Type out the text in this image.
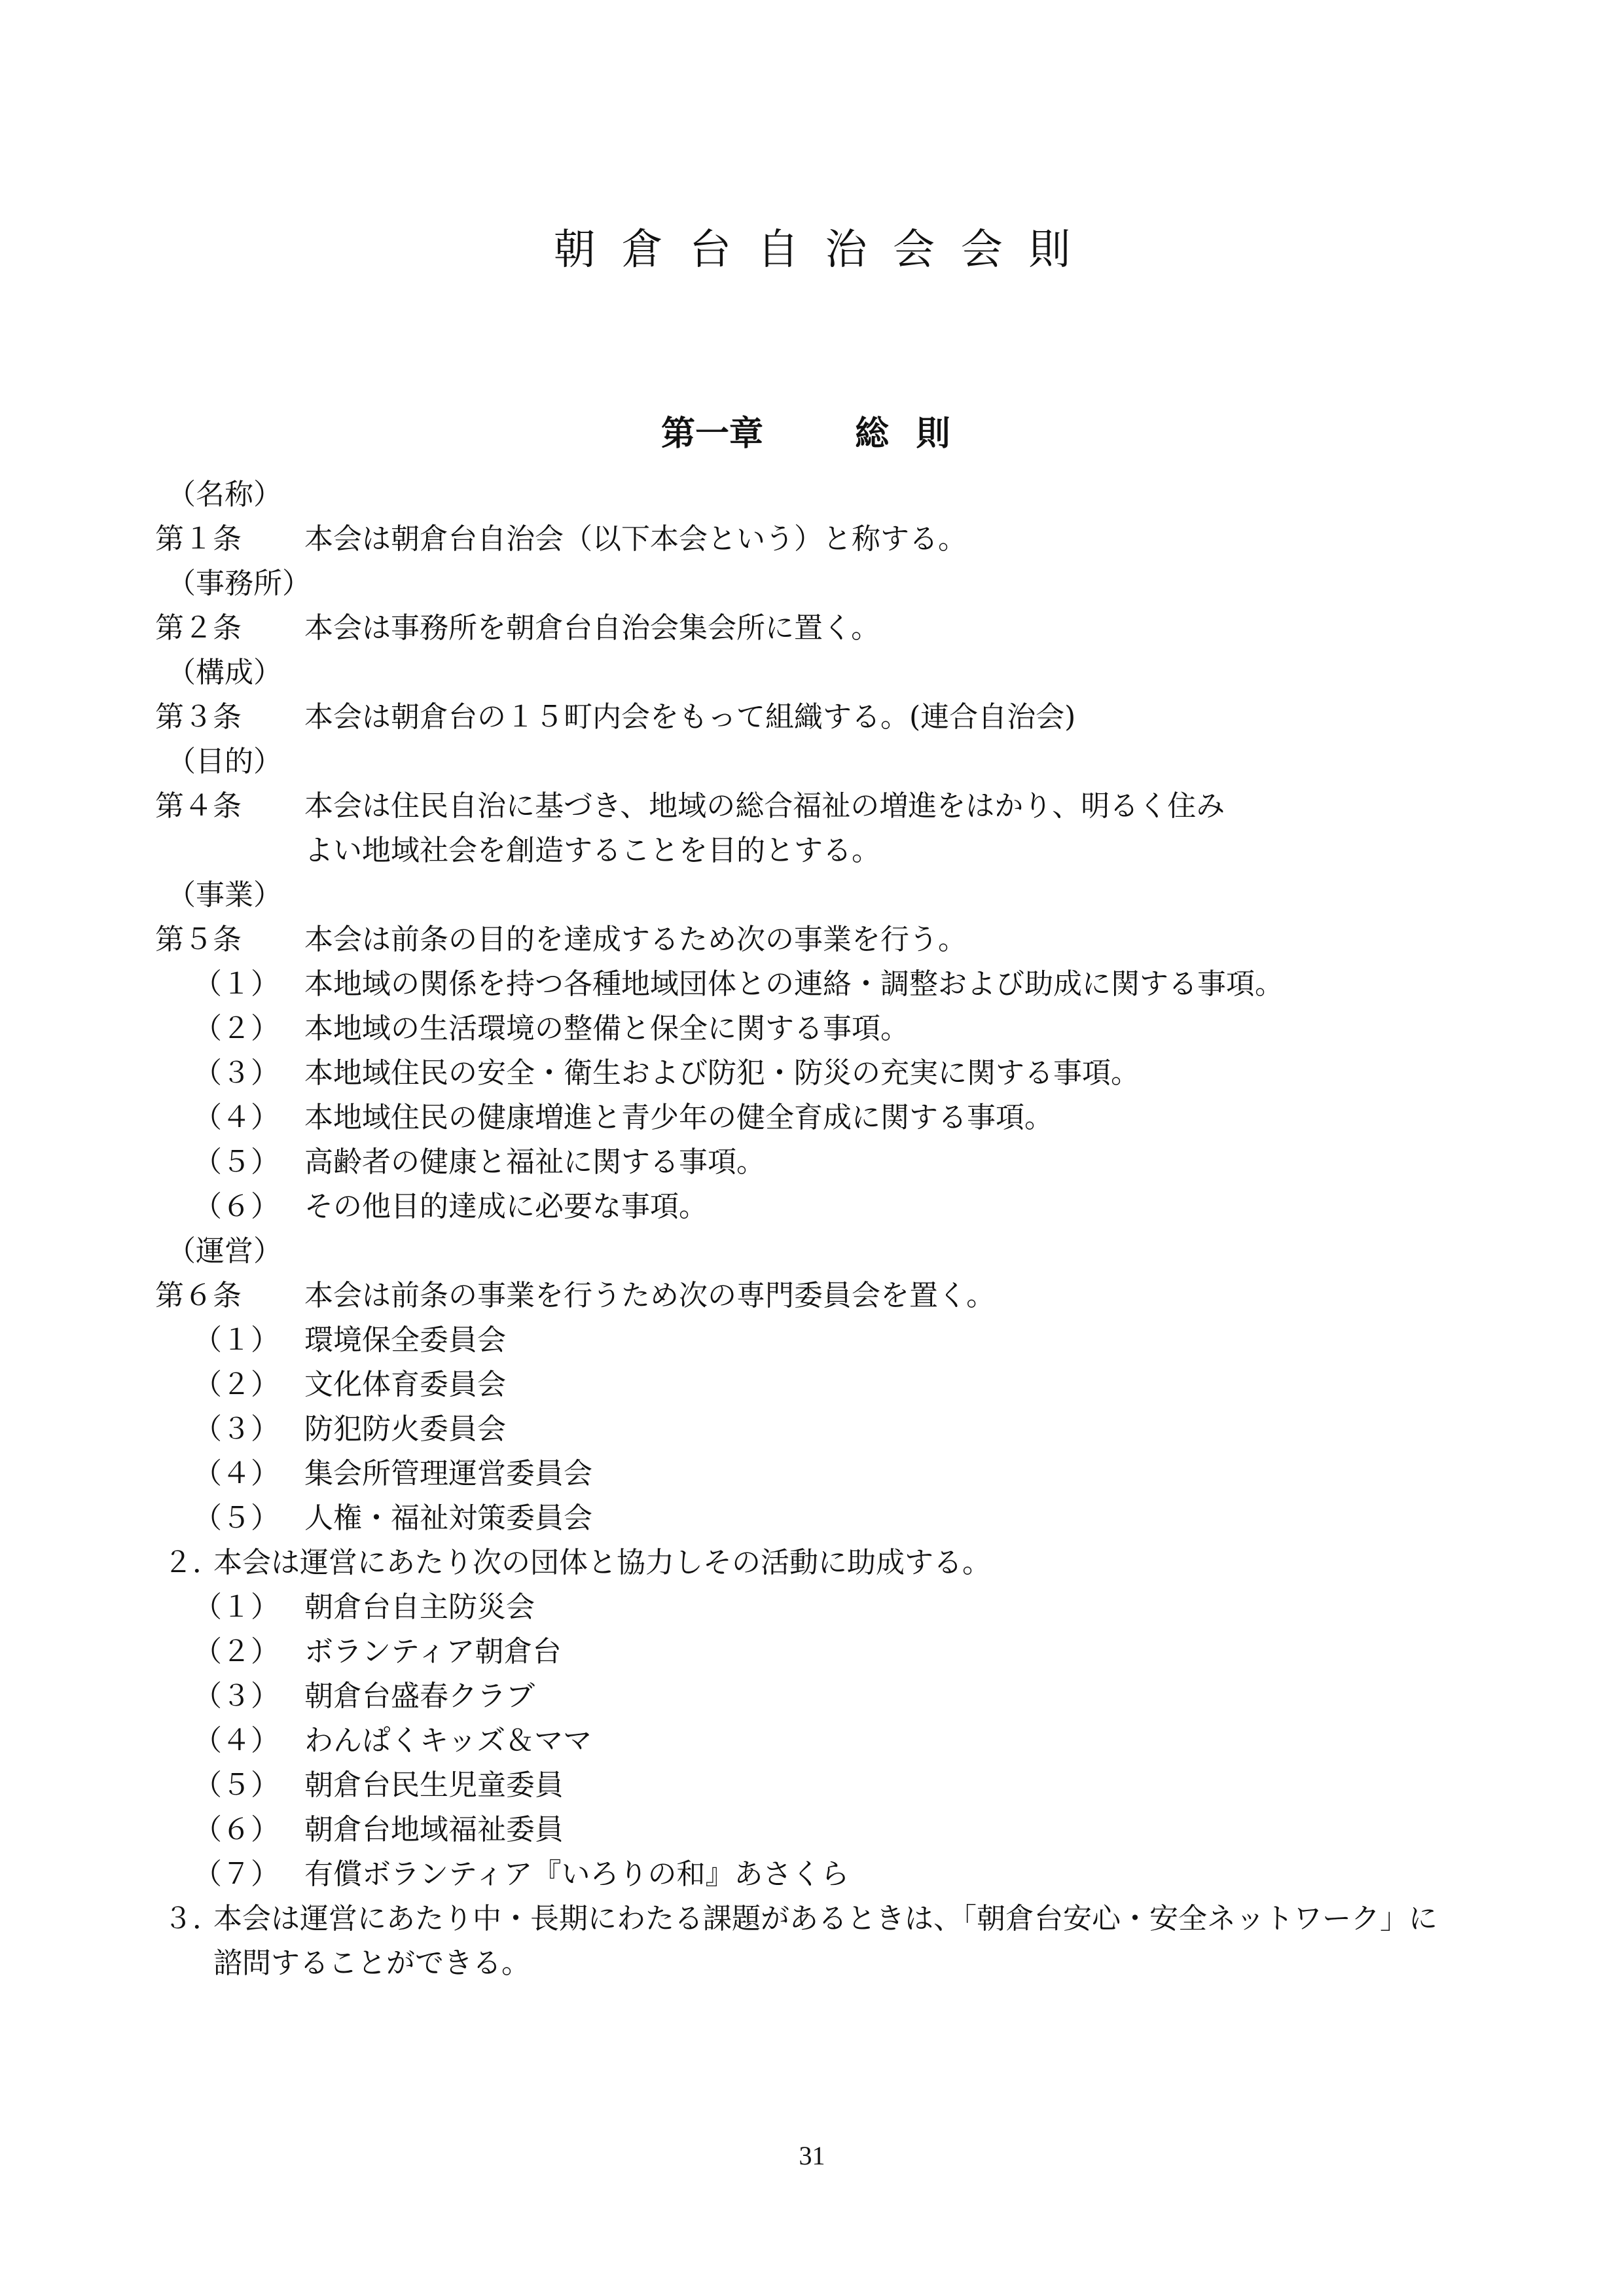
朝倉台自治会会則
第一章	総則
（名称）
第１条 本会は朝倉台自治会（以下本会という）と称する。
（事務所）
第２条 本会は事務所を朝倉台自治会集会所に置く。
（構成）
第３条 本会は朝倉台の１５町内会をもって組織する。(連合自治会)
（目的）
第４条 本会は住民自治に基づき、地域の総合福祉の増進をはかり、明るく住み
よい地域社会を創造することを目的とする。
（事業）
第５条 本会は前条の目的を達成するため次の事業を行う。
（１） 本地域の関係を持つ各種地域団体との連絡・調整および助成に関する事項。
（２） 本地域の生活環境の整備と保全に関する事項。
（３） 本地域住民の安全・衛生および防犯・防災の充実に関する事項。
（４） 本地域住民の健康増進と青少年の健全育成に関する事項。
（５） 高齢者の健康と福祉に関する事項。
（６） その他目的達成に必要な事項。
（運営）
第６条 本会は前条の事業を行うため次の専門委員会を置く。
（１） 環境保全委員会
（２） 文化体育委員会
（３） 防犯防火委員会
（４） 集会所管理運営委員会
（５） 人権・福祉対策委員会
２．
本会は運営にあたり次の団体と協力しその活動に助成する。
（１） 朝倉台自主防災会
（２） ボランティア朝倉台
（３） 朝倉台盛春クラブ
（４） わんぱくキッズ＆ママ
（５） 朝倉台民生児童委員
（６） 朝倉台地域福祉委員
（７） 有償ボランティア『いろりの和』あさくら
３．
本会は運営にあたり中・長期にわたる課題があるときは、「朝倉台安心・安全ネットワーク」に
諮問することができる。
31
